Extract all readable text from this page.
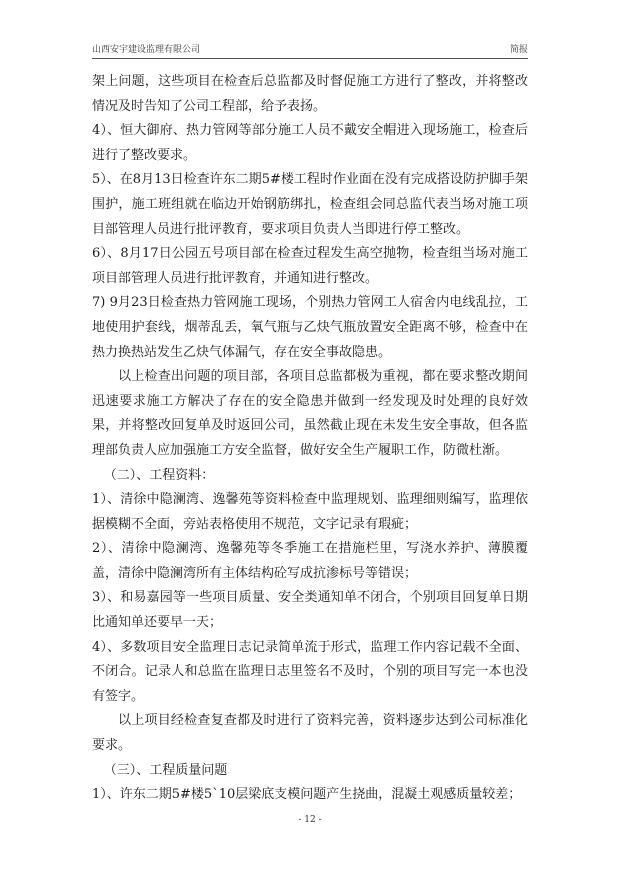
山西安宇建设监理有限公司	简报

架上问题，这些项目在检查后总监都及时督促施工方进行了整改，并将整改情况及时告知了公司工程部，给予表扬。

4）、恒大御府、热力管网等部分施工人员不戴安全帽进入现场施工，检查后进行了整改要求。

5）、在8月13日检查许东二期5#楼工程时作业面在没有完成搭设防护脚手架围护，施工班组就在临边开始钢筋绑扎，检查组会同总监代表当场对施工项目部管理人员进行批评教育，要求项目负责人当即进行停工整改。

6）、8月17日公园五号项目部在检查过程发生高空抛物，检查组当场对施工项目部管理人员进行批评教育，并通知进行整改。

7) 9月23日检查热力管网施工现场，个别热力管网工人宿舍内电线乱拉，工地使用护套线，烟蒂乱丢，氧气瓶与乙炔气瓶放置安全距离不够，检查中在热力换热站发生乙炔气体漏气，存在安全事故隐患。

以上检查出问题的项目部，各项目总监都极为重视，都在要求整改期间迅速要求施工方解决了存在的安全隐患并做到一经发现及时处理的良好效果，并将整改回复单及时返回公司，虽然截止现在未发生安全事故，但各监理部负责人应加强施工方安全监督，做好安全生产履职工作，防微杜渐。

（二）、工程资料：

1）、清徐中隐澜湾、逸馨苑等资料检查中监理规划、监理细则编写，监理依据模糊不全面，旁站表格使用不规范，文字记录有瑕疵；

2）、清徐中隐澜湾、逸馨苑等冬季施工在措施栏里，写浇水养护、薄膜覆盖，清徐中隐澜湾所有主体结构砼写成抗渗标号等错误；

3）、和易嘉园等一些项目质量、安全类通知单不闭合，个别项目回复单日期比通知单还要早一天；

4）、多数项目安全监理日志记录简单流于形式，监理工作内容记载不全面、不闭合。记录人和总监在监理日志里签名不及时，个别的项目写完一本也没有签字。

以上项目经检查复查都及时进行了资料完善，资料逐步达到公司标准化要求。

（三）、工程质量问题

1）、许东二期5#楼5`10层梁底支模问题产生挠曲，混凝土观感质量较差；

- 12 -
